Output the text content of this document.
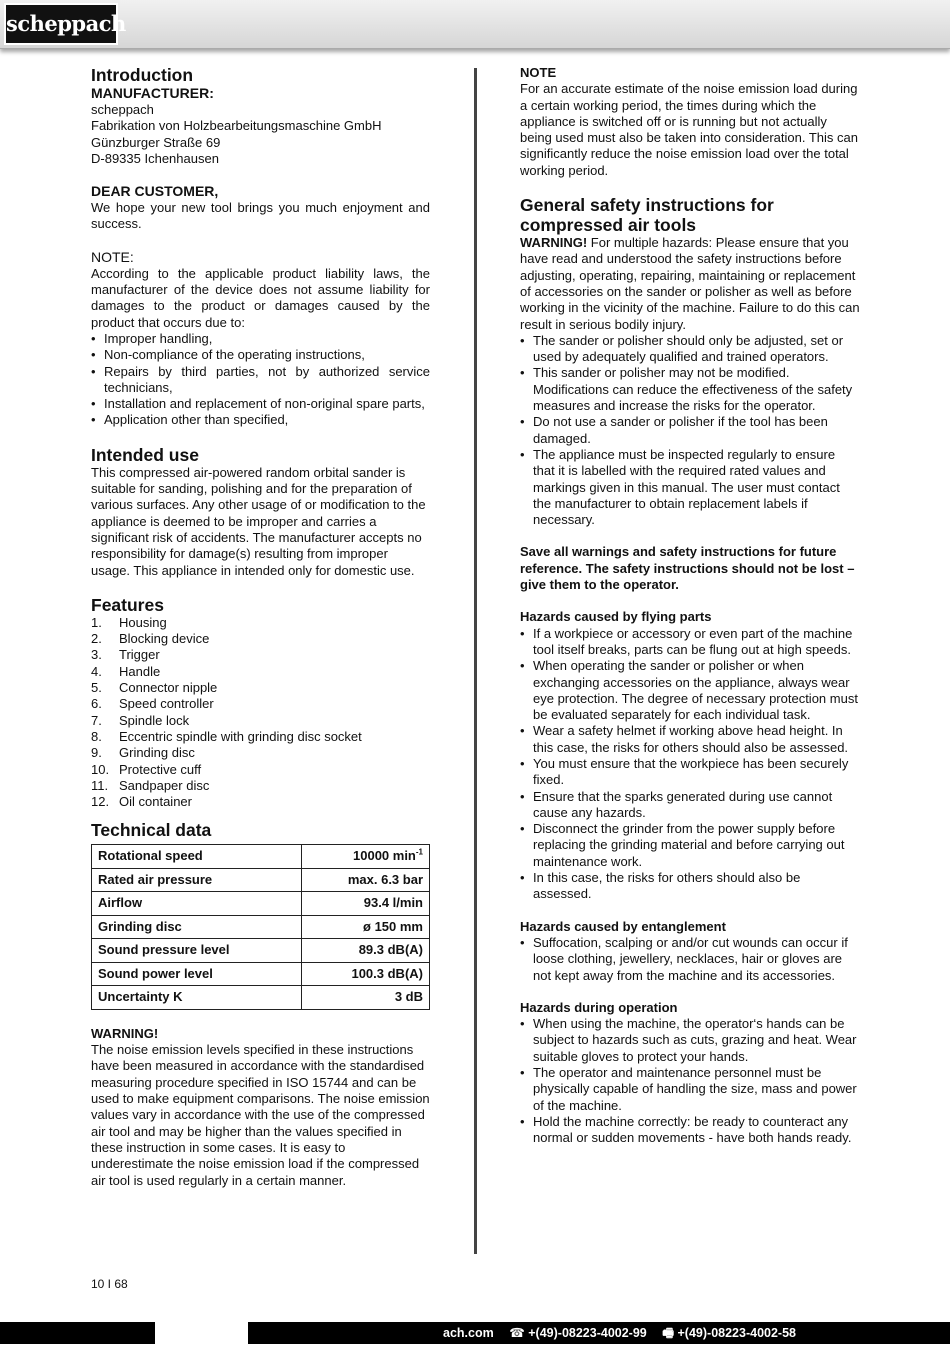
scheppach
Introduction
MANUFACTURER:
scheppach
Fabrikation von Holzbearbeitungsmaschine GmbH
Günzburger Straße 69
D-89335 Ichenhausen
DEAR CUSTOMER,

We hope your new tool brings you much enjoyment and success.

NOTE:

According to the applicable product liability laws, the manufacturer of the device does not assume liability for damages to the product or damages caused by the product that occurs due to:

• Improper handling,
• Non-compliance of the operating instructions,
• Repairs by third parties, not by authorized service technicians,
• Installation and replacement of non-original spare parts,
• Application other than specified,
Intended use

This compressed air-powered random orbital sander is suitable for sanding, polishing and for the preparation of various surfaces. Any other usage of or modification to the appliance is deemed to be improper and carries a significant risk of accidents. The manufacturer accepts no responsibility for damage(s) resulting from improper usage. This appliance in intended only for domestic use.

Features
1.	Housing
2.	Blocking device
3.	Trigger
4.	Handle
5.	Connector nipple
6.	Speed controller
7.	Spindle lock
8.	Eccentric spindle with grinding disc socket
9.	Grinding disc
10. Protective cuff
11. Sandpaper disc
12. Oil container
Technical data
Rotational speed	10000 $\min^{-1}$
Rated air pressure	max. 6.3 bar
Airflow	93.4 l/min
Grinding disc	ø 150 mm
Sound pressure level	89.3 dB(A)
Sound power level	100.3 dB(A)
Uncertainty K	3 dB
WARNING!

The noise emission levels specified in these instructions have been measured in accordance with the standardised measuring procedure specified in ISO 15744 and can be used to make equipment comparisons. The noise emission values vary in accordance with the use of the compressed air tool and may be higher than the values specified in these instruction in some cases. It is easy to underestimate the noise emission load if the compressed air tool is used regularly in a certain manner.

NOTE

For an accurate estimate of the noise emission load during a certain working period, the times during which the appliance is switched off or is running but not actually being used must also be taken into consideration. This can significantly reduce the noise emission load over the total working period.

General safety instructions for compressed air tools

WARNING! For multiple hazards: Please ensure that you have read and understood the safety instructions before adjusting, operating, repairing, maintaining or replacement of accessories on the sander or polisher as well as before working in the vicinity of the machine. Failure to do this can result in serious bodily injury.

• The sander or polisher should only be adjusted, set or used by adequately qualified and trained operators.
• This sander or polisher may not be modified. Modifications can reduce the effectiveness of the safety measures and increase the risks for the operator.
• Do not use a sander or polisher if the tool has been damaged.
• The appliance must be inspected regularly to ensure that it is labelled with the required rated values and markings given in this manual. The user must contact the manufacturer to obtain replacement labels if necessary.

Save all warnings and safety instructions for future reference. The safety instructions should not be lost – give them to the operator.

Hazards caused by flying parts
• If a workpiece or accessory or even part of the machine tool itself breaks, parts can be flung out at high speeds.
• When operating the sander or polisher or when exchanging accessories on the appliance, always wear eye protection. The degree of necessary protection must be evaluated separately for each individual task.
• Wear a safety helmet if working above head height. In this case, the risks for others should also be assessed.
• You must ensure that the workpiece has been securely fixed.
• Ensure that the sparks generated during use cannot cause any hazards.
• Disconnect the grinder from the power supply before replacing the grinding material and before carrying out maintenance work.
• In this case, the risks for others should also be assessed.
Hazards caused by entanglement
• Suffocation, scalping or and/or cut wounds can occur if loose clothing, jewellery, necklaces, hair or gloves are not kept away from the machine and its accessories.
Hazards during operation
• When using the machine, the operator‘s hands can be subject to hazards such as cuts, grazing and heat. Wear suitable gloves to protect your hands.
• The operator and maintenance personnel must be physically capable of handling the size, mass and power of the machine.
• Hold the machine correctly: be ready to counteract any normal or sudden movements - have both hands ready.
10 I 68
ach.com ☎ +(49)-08223-4002-99 🖷 +(49)-08223-4002-58
